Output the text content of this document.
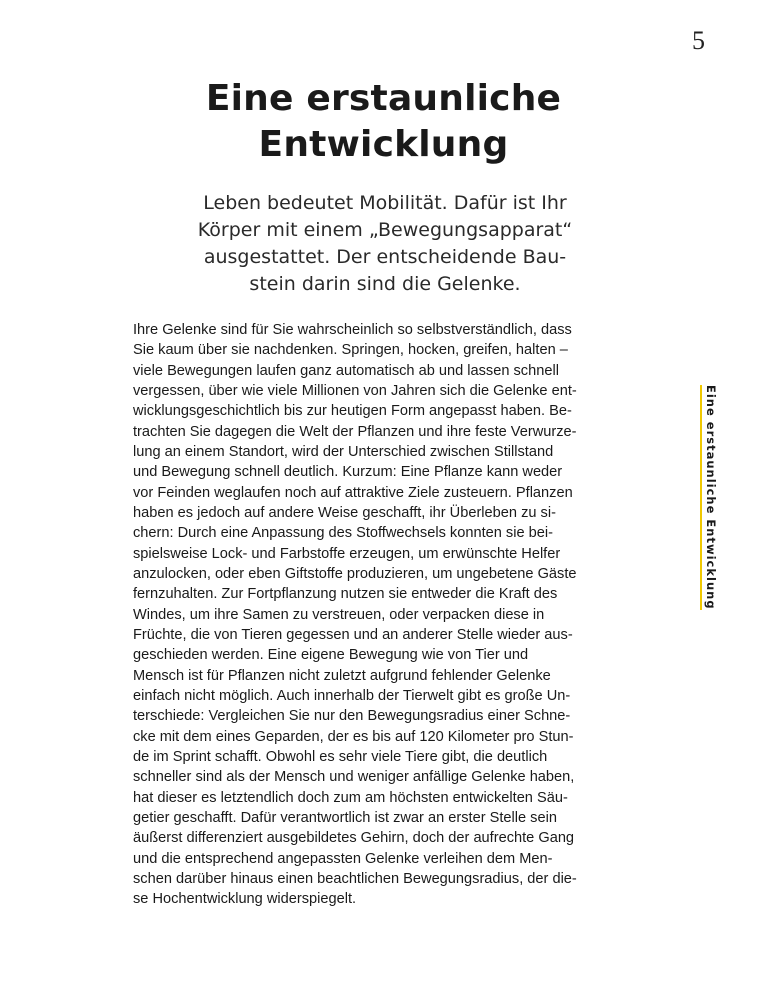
5
Eine erstaunliche
Entwicklung
Leben bedeutet Mobilität. Dafür ist Ihr
Körper mit einem „Bewegungsapparat“
ausgestattet. Der entscheidende Bau-
stein darin sind die Gelenke.
Ihre Gelenke sind für Sie wahrscheinlich so selbstverständlich, dass
Sie kaum über sie nachdenken. Springen, hocken, greifen, halten –
viele Bewegungen laufen ganz automatisch ab und lassen schnell
vergessen, über wie viele Millionen von Jahren sich die Gelenke ent-
wicklungsgeschichtlich bis zur heutigen Form angepasst haben. Be-
trachten Sie dagegen die Welt der Pflanzen und ihre feste Verwurze-
lung an einem Standort, wird der Unterschied zwischen Stillstand
und Bewegung schnell deutlich. Kurzum: Eine Pflanze kann weder
vor Feinden weglaufen noch auf attraktive Ziele zusteuern. Pflanzen
haben es jedoch auf andere Weise geschafft, ihr Überleben zu si-
chern: Durch eine Anpassung des Stoffwechsels konnten sie bei-
spielsweise Lock- und Farbstoffe erzeugen, um erwünschte Helfer
anzulocken, oder eben Giftstoffe produzieren, um ungebetene Gäste
fernzuhalten. Zur Fortpflanzung nutzen sie entweder die Kraft des
Windes, um ihre Samen zu verstreuen, oder verpacken diese in
Früchte, die von Tieren gegessen und an anderer Stelle wieder aus-
geschieden werden. Eine eigene Bewegung wie von Tier und
Mensch ist für Pflanzen nicht zuletzt aufgrund fehlender Gelenke
einfach nicht möglich. Auch innerhalb der Tierwelt gibt es große Un-
terschiede: Vergleichen Sie nur den Bewegungsradius einer Schne-
cke mit dem eines Geparden, der es bis auf 120 Kilometer pro Stun-
de im Sprint schafft. Obwohl es sehr viele Tiere gibt, die deutlich
schneller sind als der Mensch und weniger anfällige Gelenke haben,
hat dieser es letztendlich doch zum am höchsten entwickelten Säu-
getier geschafft. Dafür verantwortlich ist zwar an erster Stelle sein
äußerst differenziert ausgebildetes Gehirn, doch der aufrechte Gang
und die entsprechend angepassten Gelenke verleihen dem Men-
schen darüber hinaus einen beachtlichen Bewegungsradius, der die-
se Hochentwicklung widerspiegelt.
Eine erstaunliche Entwicklung
